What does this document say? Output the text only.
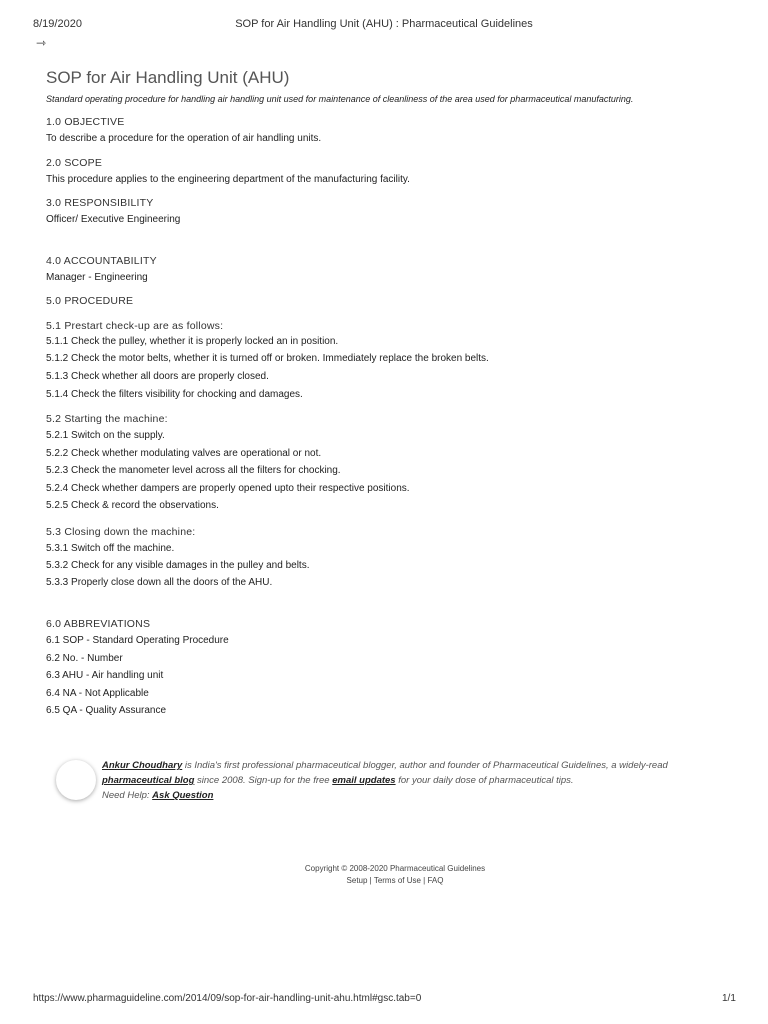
8/19/2020	SOP for Air Handling Unit (AHU) : Pharmaceutical Guidelines
⇾
SOP for Air Handling Unit (AHU)
Standard operating procedure for handling air handling unit used for maintenance of cleanliness of the area used for pharmaceutical manufacturing.
1.0 OBJECTIVE
To describe a procedure for the operation of air handling units.
2.0 SCOPE
This procedure applies to the engineering department of the manufacturing facility.
3.0 RESPONSIBILITY
Officer/ Executive Engineering
4.0 ACCOUNTABILITY
Manager - Engineering
5.0 PROCEDURE
5.1 Prestart check-up are as follows:
5.1.1 Check the pulley, whether it is properly locked an in position.
5.1.2 Check the motor belts, whether it is turned off or broken. Immediately replace the broken belts.
5.1.3 Check whether all doors are properly closed.
5.1.4 Check the filters visibility for chocking and damages.
5.2 Starting the machine:
5.2.1 Switch on the supply.
5.2.2 Check whether modulating valves are operational or not.
5.2.3 Check the manometer level across all the filters for chocking.
5.2.4 Check whether dampers are properly opened upto their respective positions.
5.2.5 Check & record the observations.
5.3 Closing down the machine:
5.3.1 Switch off the machine.
5.3.2 Check for any visible damages in the pulley and belts.
5.3.3 Properly close down all the doors of the AHU.
6.0 ABBREVIATIONS
6.1 SOP - Standard Operating Procedure
6.2 No. - Number
6.3 AHU - Air handling unit
6.4 NA - Not Applicable
6.5 QA - Quality Assurance
Ankur Choudhary is India's first professional pharmaceutical blogger, author and founder of Pharmaceutical Guidelines, a widely-read pharmaceutical blog since 2008. Sign-up for the free email updates for your daily dose of pharmaceutical tips.
Need Help: Ask Question
Copyright © 2008-2020 Pharmaceutical Guidelines
Setup | Terms of Use | FAQ
https://www.pharmaguideline.com/2014/09/sop-for-air-handling-unit-ahu.html#gsc.tab=0	1/1
